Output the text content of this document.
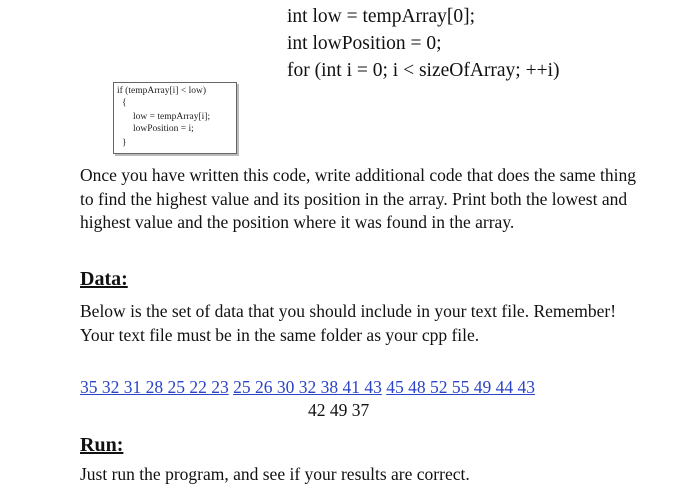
int low = tempArray[0];
int lowPosition = 0;
for (int i = 0; i < sizeOfArray; ++i)
if (tempArray[i] < low)
{
low = tempArray[i];
lowPosition = i;
}
Once you have written this code, write additional code that does the same thing to find the highest value and its position in the array. Print both the lowest and highest value and the position where it was found in the array.
Data:
Below is the set of data that you should include in your text file. Remember! Your text file must be in the same folder as your cpp file.
35 32 31 28 25 22 23 25 26 30 32 38 41 43 45 48 52 55 49 44 43
42 49 37
Run:
Just run the program, and see if your results are correct.
